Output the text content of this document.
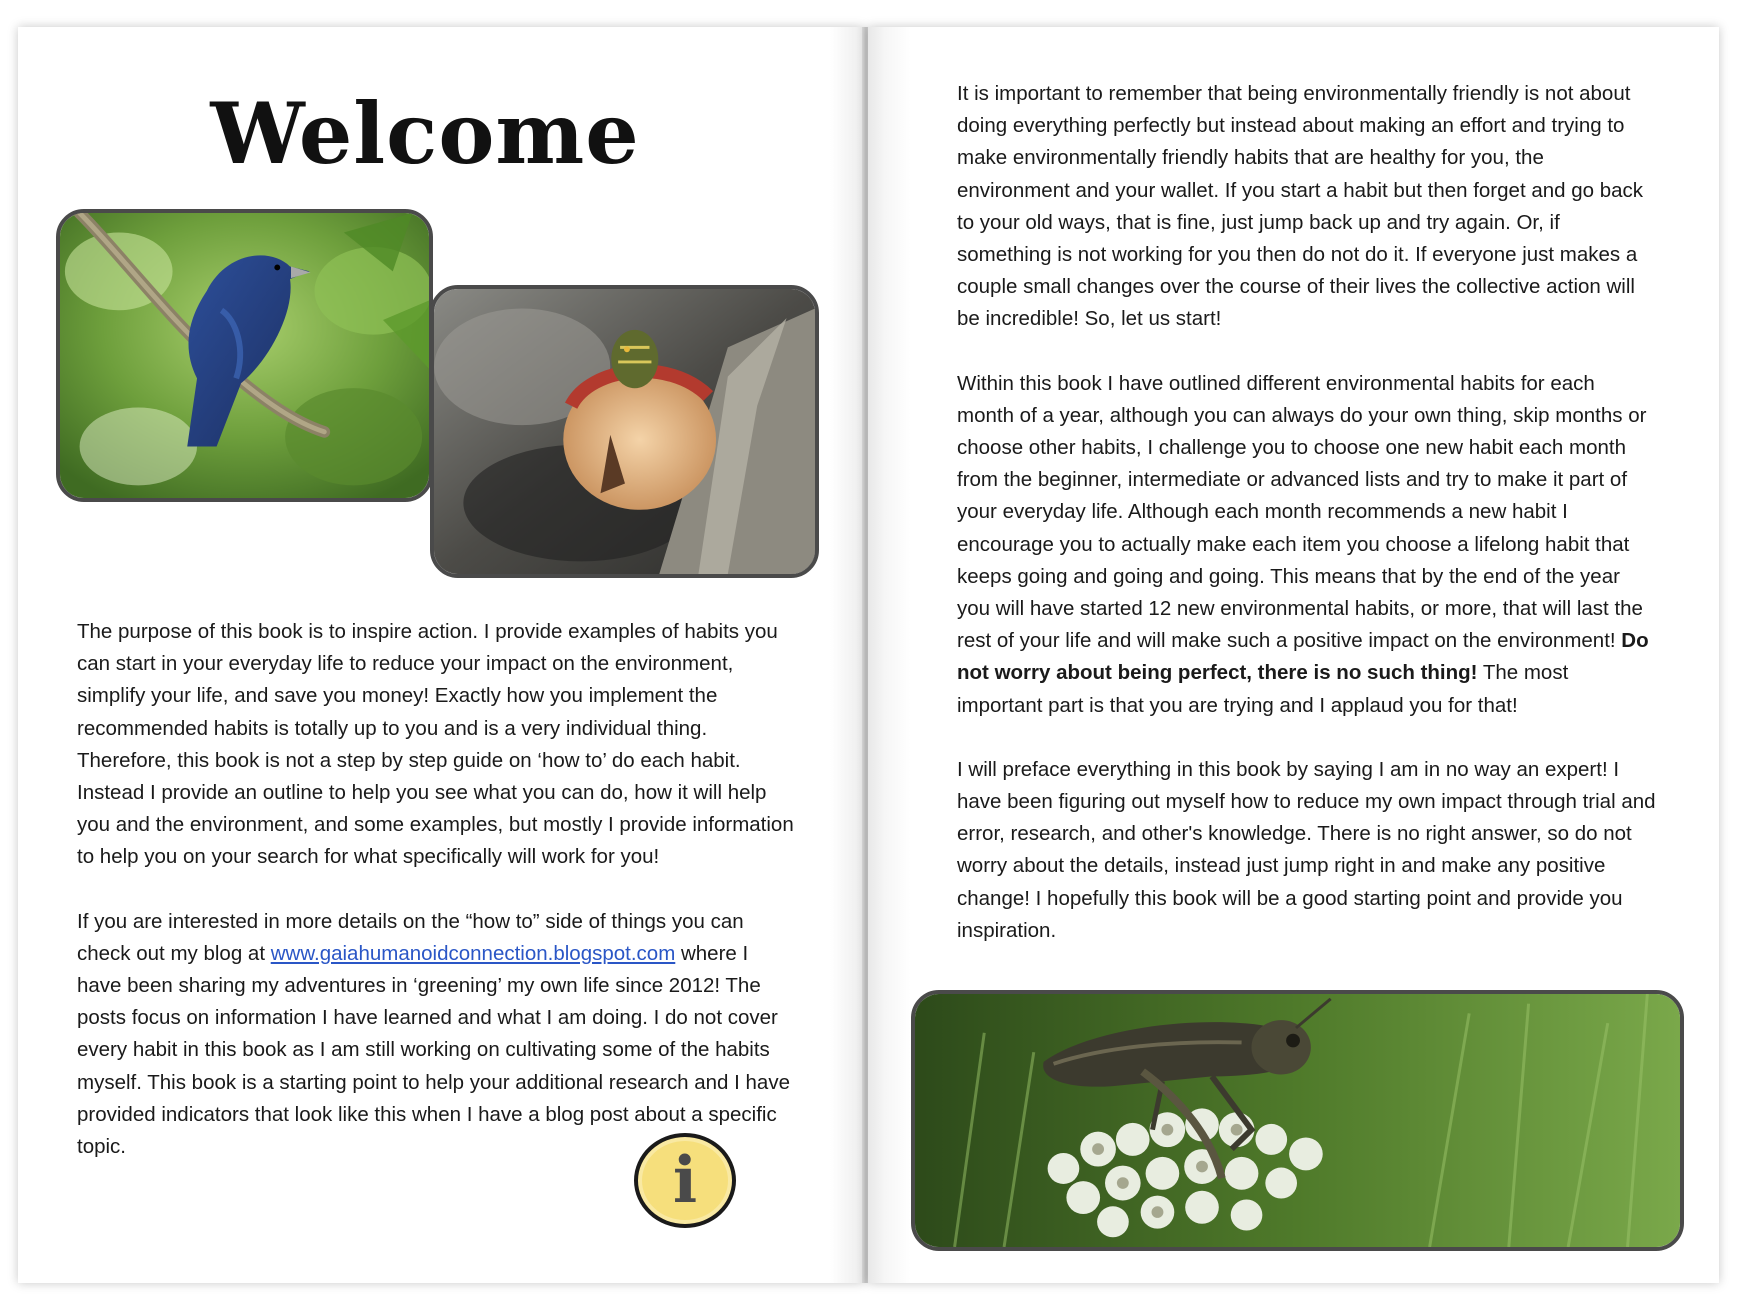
Welcome

The purpose of this book is to inspire action. I provide examples of habits you can start in your everyday life to reduce your impact on the environment, simplify your life, and save you money! Exactly how you implement the recommended habits is totally up to you and is a very individual thing. Therefore, this book is not a step by step guide on ‘how to’ do each habit. Instead I provide an outline to help you see what you can do, how it will help you and the environment, and some examples, but mostly I provide information to help you on your search for what specifically will work for you!

If you are interested in more details on the “how to” side of things you can check out my blog at www.gaiahumanoidconnection.blogspot.com where I have been sharing my adventures in ‘greening’ my own life since 2012! The posts focus on information I have learned and what I am doing. I do not cover every habit in this book as I am still working on cultivating some of the habits myself. This book is a starting point to help your additional research and I have provided indicators that look like this when I have a blog post about a specific topic.	i

It is important to remember that being environmentally friendly is not about doing everything perfectly but instead about making an effort and trying to make environmentally friendly habits that are healthy for you, the environment and your wallet. If you start a habit but then forget and go back to your old ways, that is fine, just jump back up and try again. Or, if something is not working for you then do not do it. If everyone just makes a couple small changes over the course of their lives the collective action will be incredible! So, let us start!

Within this book I have outlined different environmental habits for each month of a year, although you can always do your own thing, skip months or choose other habits, I challenge you to choose one new habit each month from the beginner, intermediate or advanced lists and try to make it part of your everyday life. Although each month recommends a new habit I encourage you to actually make each item you choose a lifelong habit that keeps going and going and going. This means that by the end of the year you will have started 12 new environmental habits, or more, that will last the rest of your life and will make such a positive impact on the environment! Do not worry about being perfect, there is no such thing! The most important part is that you are trying and I applaud you for that!

I will preface everything in this book by saying I am in no way an expert! I have been figuring out myself how to reduce my own impact through trial and error, research, and other's knowledge. There is no right answer, so do not worry about the details, instead just jump right in and make any positive change! I hopefully this book will be a good starting point and provide you inspiration.
